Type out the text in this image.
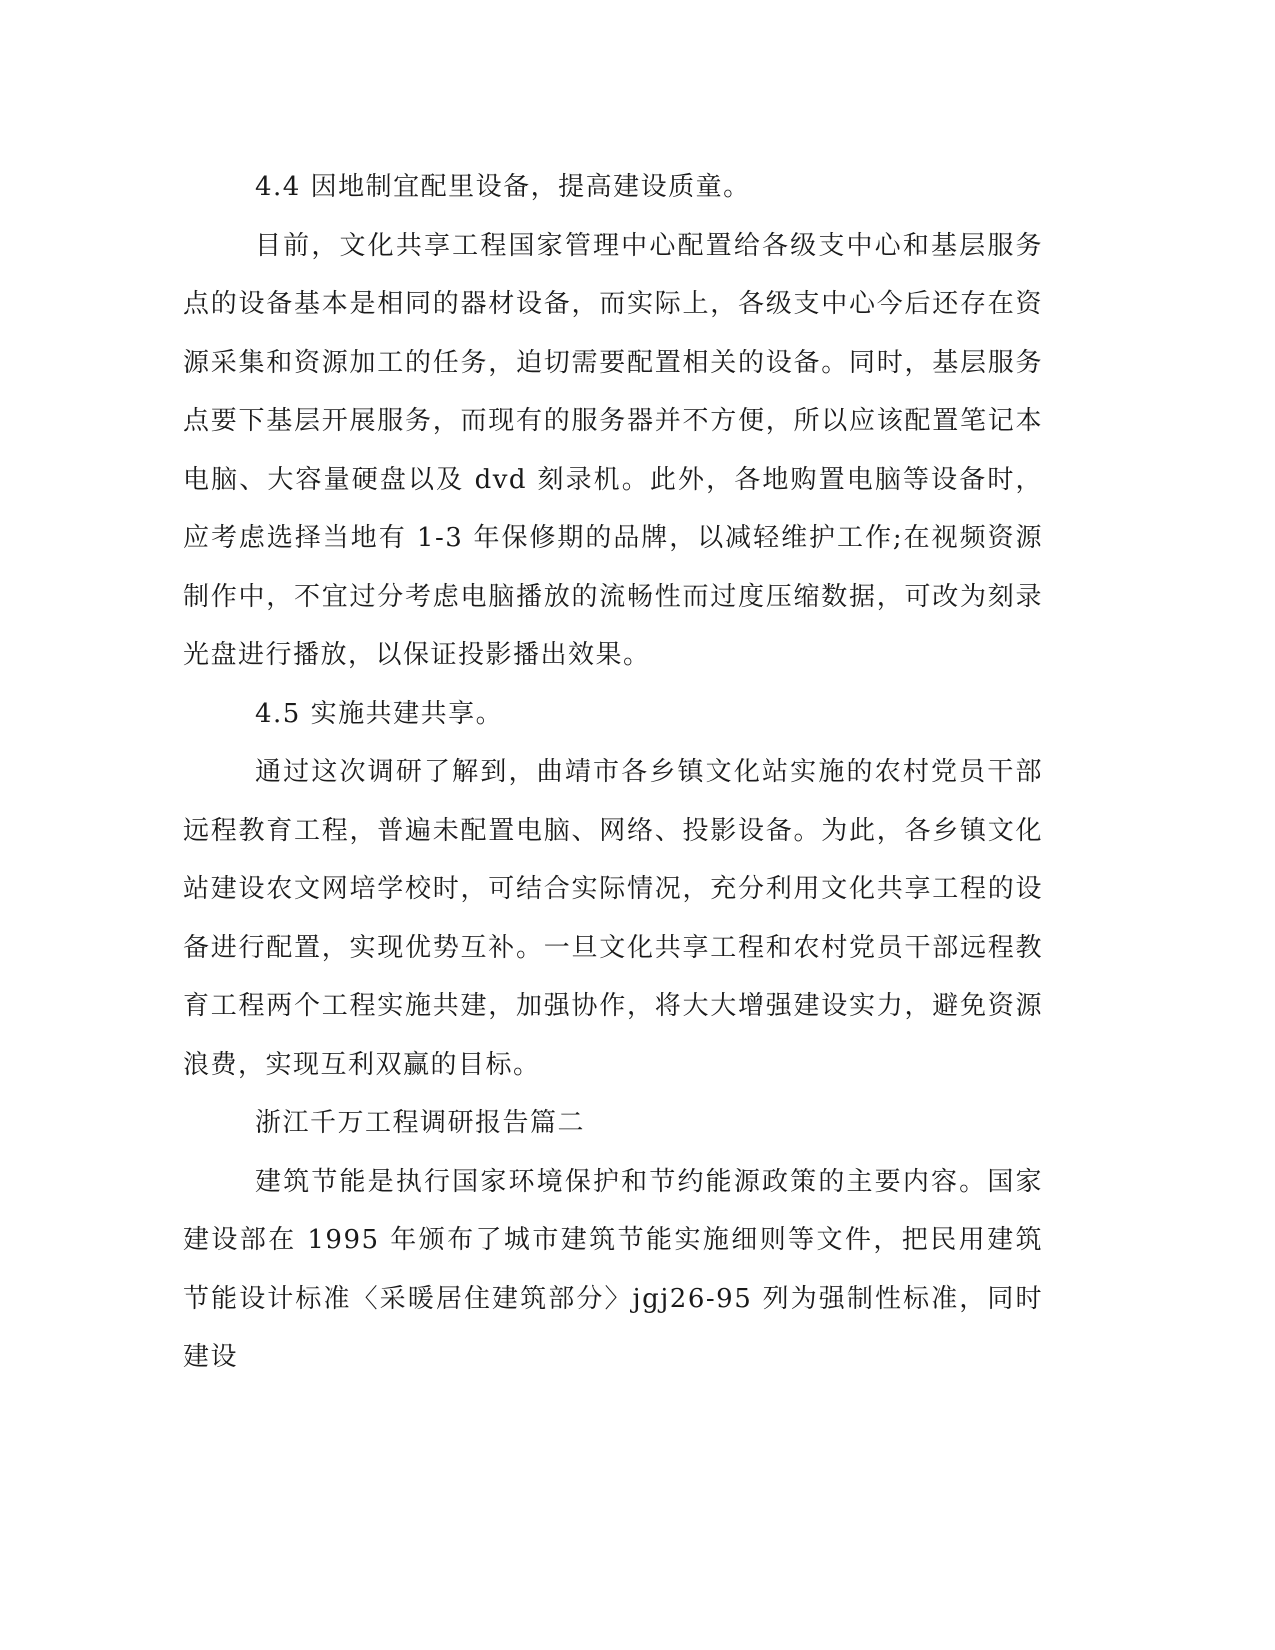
4.4 因地制宜配里设备，提高建设质童。

目前，文化共享工程国家管理中心配置给各级支中心和基层服务点的设备基本是相同的器材设备，而实际上，各级支中心今后还存在资源采集和资源加工的任务，迫切需要配置相关的设备。同时，基层服务点要下基层开展服务，而现有的服务器并不方便，所以应该配置笔记本电脑、大容量硬盘以及 dvd 刻录机。此外，各地购置电脑等设备时，应考虑选择当地有 1-3 年保修期的品牌，以减轻维护工作;在视频资源制作中，不宜过分考虑电脑播放的流畅性而过度压缩数据，可改为刻录光盘进行播放，以保证投影播出效果。

4.5 实施共建共享。

通过这次调研了解到，曲靖市各乡镇文化站实施的农村党员干部远程教育工程，普遍未配置电脑、网络、投影设备。为此，各乡镇文化站建设农文网培学校时，可结合实际情况，充分利用文化共享工程的设备进行配置，实现优势互补。一旦文化共享工程和农村党员干部远程教育工程两个工程实施共建，加强协作，将大大增强建设实力，避免资源浪费，实现互利双赢的目标。

浙江千万工程调研报告篇二

建筑节能是执行国家环境保护和节约能源政策的主要内容。国家建设部在 1995 年颁布了城市建筑节能实施细则等文件，把民用建筑节能设计标准〈采暖居住建筑部分〉jgj26-95 列为强制性标准，同时建设
